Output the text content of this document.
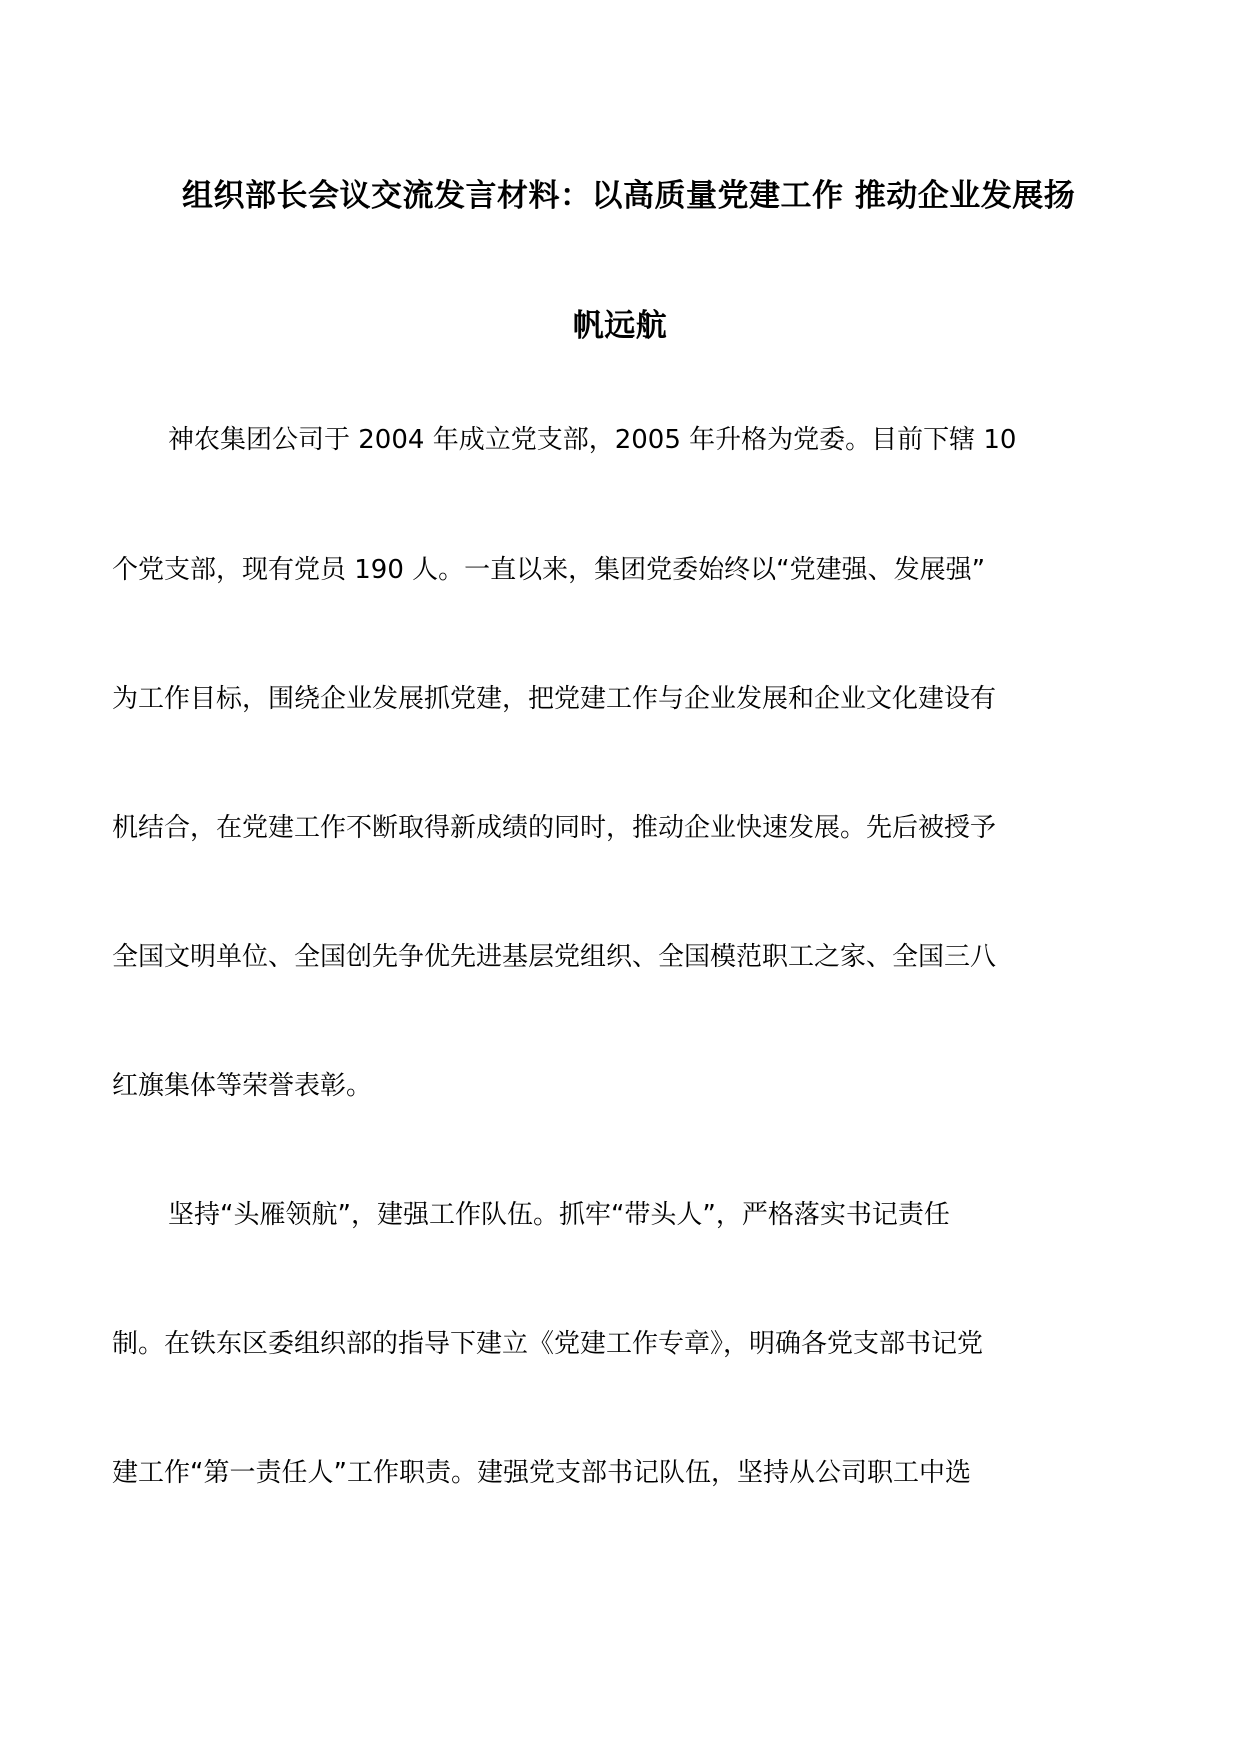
组织部长会议交流发言材料：以高质量党建工作 推动企业发展扬
帆远航
神农集团公司于 2004 年成立党支部，2005 年升格为党委。目前下辖 10
个党支部，现有党员 190 人。一直以来，集团党委始终以“党建强、发展强”
为工作目标，围绕企业发展抓党建，把党建工作与企业发展和企业文化建设有
机结合，在党建工作不断取得新成绩的同时，推动企业快速发展。先后被授予
全国文明单位、全国创先争优先进基层党组织、全国模范职工之家、全国三八
红旗集体等荣誉表彰。
坚持“头雁领航”，建强工作队伍。抓牢“带头人”，严格落实书记责任
制。在铁东区委组织部的指导下建立《党建工作专章》，明确各党支部书记党
建工作“第一责任人”工作职责。建强党支部书记队伍，坚持从公司职工中选
